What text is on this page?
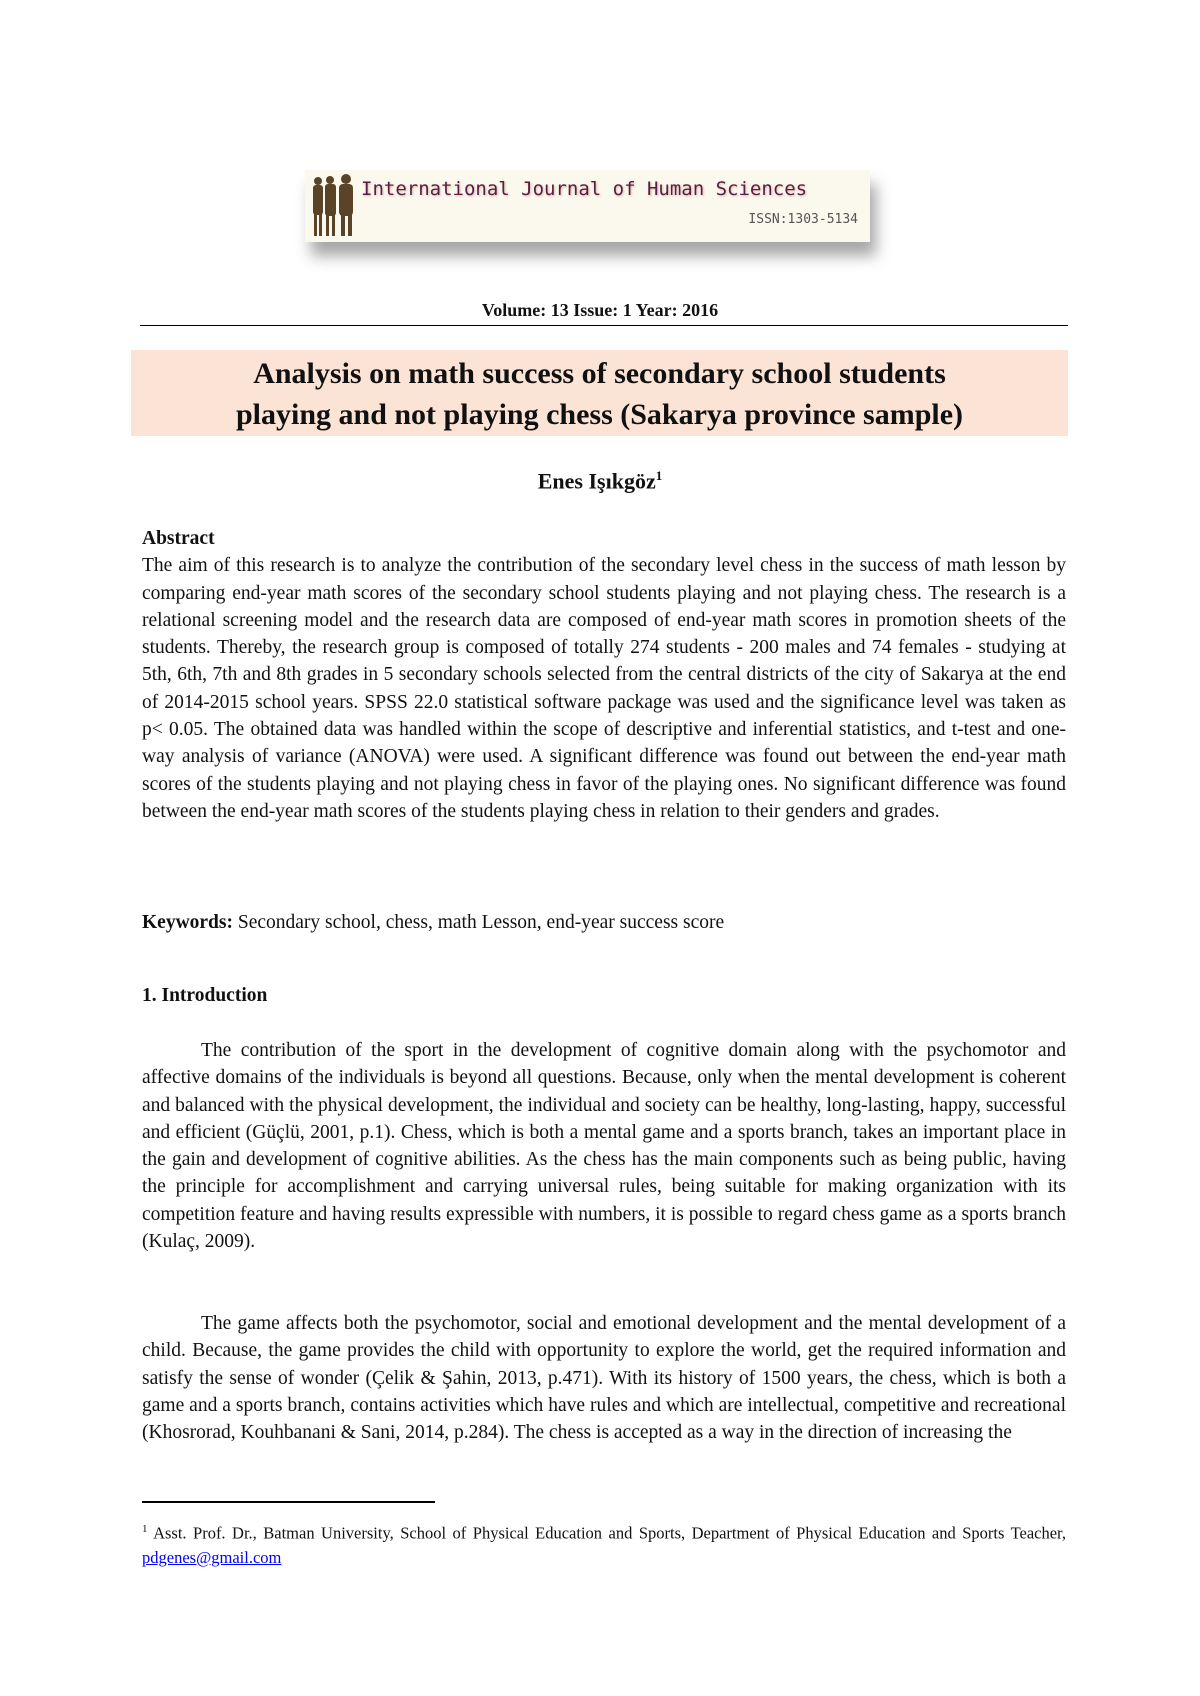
International Journal of Human Sciences
ISSN:1303-5134
Volume: 13 Issue: 1 Year: 2016
Analysis on math success of secondary school students
playing and not playing chess (Sakarya province sample)
Enes Işıkgöz$^1$
Abstract
The aim of this research is to analyze the contribution of the secondary level chess in the success of math lesson by comparing end-year math scores of the secondary school students playing and not playing chess. The research is a relational screening model and the research data are composed of end-year math scores in promotion sheets of the students. Thereby, the research group is composed of totally 274 students - 200 males and 74 females - studying at 5th, 6th, 7th and 8th grades in 5 secondary schools selected from the central districts of the city of Sakarya at the end of 2014-2015 school years. SPSS 22.0 statistical software package was used and the significance level was taken as p< 0.05. The obtained data was handled within the scope of descriptive and inferential statistics, and t-test and one-way analysis of variance (ANOVA) were used. A significant difference was found out between the end-year math scores of the students playing and not playing chess in favor of the playing ones. No significant difference was found between the end-year math scores of the students playing chess in relation to their genders and grades.
Keywords: Secondary school, chess, math Lesson, end-year success score
1. Introduction
The contribution of the sport in the development of cognitive domain along with the psychomotor and affective domains of the individuals is beyond all questions. Because, only when the mental development is coherent and balanced with the physical development, the individual and society can be healthy, long-lasting, happy, successful and efficient (Güçlü, 2001, p.1). Chess, which is both a mental game and a sports branch, takes an important place in the gain and development of cognitive abilities. As the chess has the main components such as being public, having the principle for accomplishment and carrying universal rules, being suitable for making organization with its competition feature and having results expressible with numbers, it is possible to regard chess game as a sports branch (Kulaç, 2009).
The game affects both the psychomotor, social and emotional development and the mental development of a child. Because, the game provides the child with opportunity to explore the world, get the required information and satisfy the sense of wonder (Çelik & Şahin, 2013, p.471). With its history of 1500 years, the chess, which is both a game and a sports branch, contains activities which have rules and which are intellectual, competitive and recreational (Khosrorad, Kouhbanani & Sani, 2014, p.284). The chess is accepted as a way in the direction of increasing the
$^1$ Asst. Prof. Dr., Batman University, School of Physical Education and Sports, Department of Physical Education and Sports Teacher, pdgenes@gmail.com
